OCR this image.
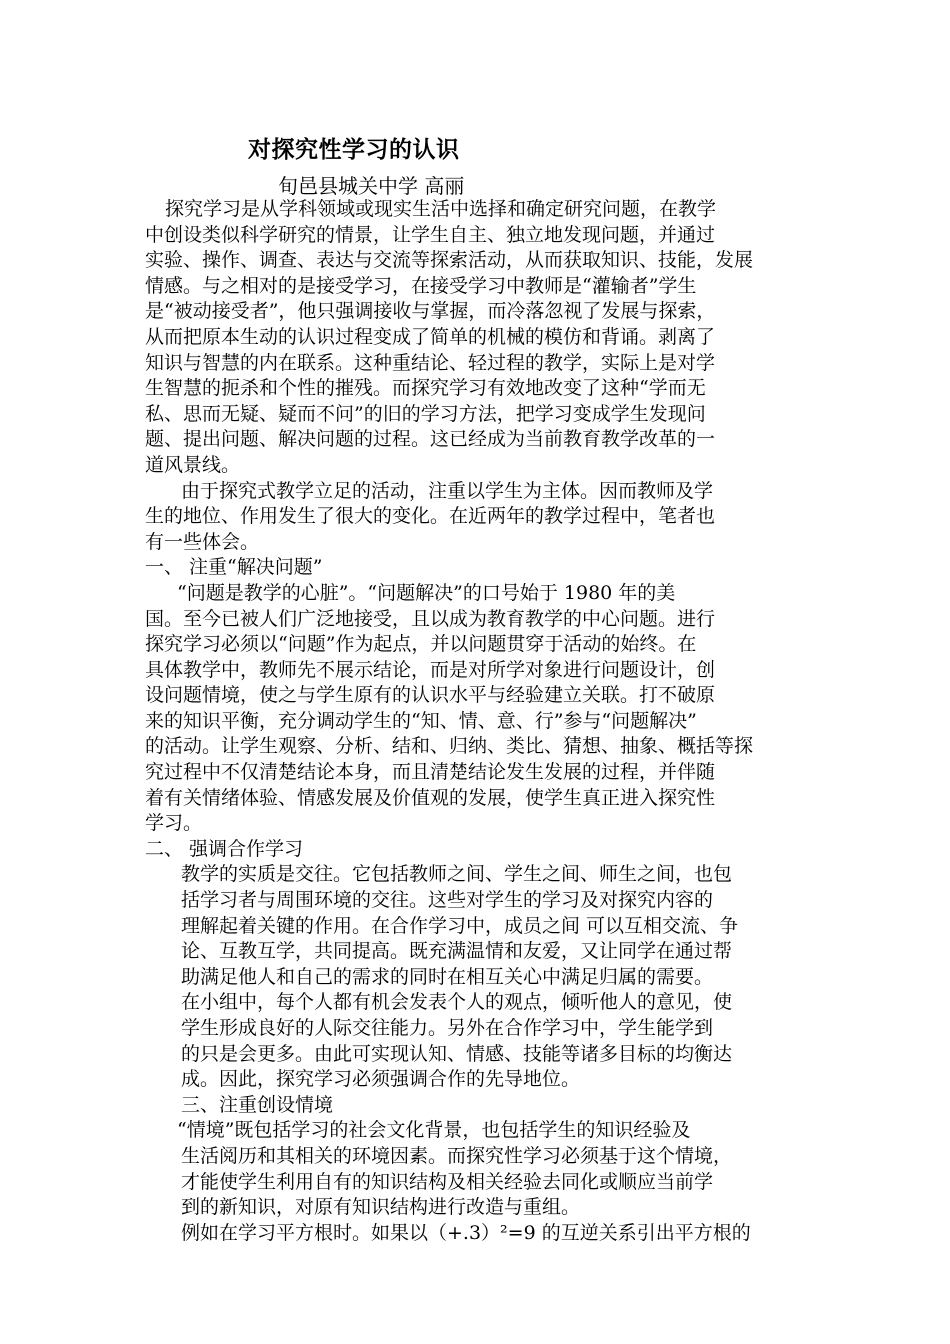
对探究性学习的认识
旬邑县城关中学 高丽
探究学习是从学科领域或现实生活中选择和确定研究问题，在教学
中创设类似科学研究的情景，让学生自主、独立地发现问题，并通过
实验、操作、调查、表达与交流等探索活动，从而获取知识、技能，发展
情感。与之相对的是接受学习，在接受学习中教师是“灌输者”学生
是“被动接受者”，他只强调接收与掌握，而冷落忽视了发展与探索，
从而把原本生动的认识过程变成了简单的机械的模仿和背诵。剥离了
知识与智慧的内在联系。这种重结论、轻过程的教学，实际上是对学
生智慧的扼杀和个性的摧残。而探究学习有效地改变了这种“学而无
私、思而无疑、疑而不问”的旧的学习方法，把学习变成学生发现问
题、提出问题、解决问题的过程。这已经成为当前教育教学改革的一
道风景线。
由于探究式教学立足的活动，注重以学生为主体。因而教师及学
生的地位、作用发生了很大的变化。在近两年的教学过程中，笔者也
有一些体会。
一、 注重“解决问题”
“问题是教学的心脏”。“问题解决”的口号始于 1980 年的美
国。至今已被人们广泛地接受，且以成为教育教学的中心问题。进行
探究学习必须以“问题”作为起点，并以问题贯穿于活动的始终。在
具体教学中，教师先不展示结论，而是对所学对象进行问题设计，创
设问题情境，使之与学生原有的认识水平与经验建立关联。打不破原
来的知识平衡，充分调动学生的“知、情、意、行”参与“问题解决”
的活动。让学生观察、分析、结和、归纳、类比、猜想、抽象、概括等探
究过程中不仅清楚结论本身，而且清楚结论发生发展的过程，并伴随
着有关情绪体验、情感发展及价值观的发展，使学生真正进入探究性
学习。
二、 强调合作学习
教学的实质是交往。它包括教师之间、学生之间、师生之间，也包
括学习者与周围环境的交往。这些对学生的学习及对探究内容的
理解起着关键的作用。在合作学习中，成员之间 可以互相交流、争
论、互教互学，共同提高。既充满温情和友爱，又让同学在通过帮
助满足他人和自己的需求的同时在相互关心中满足归属的需要。
在小组中，每个人都有机会发表个人的观点，倾听他人的意见，使
学生形成良好的人际交往能力。另外在合作学习中，学生能学到
的只是会更多。由此可实现认知、情感、技能等诸多目标的均衡达
成。因此，探究学习必须强调合作的先导地位。
三、注重创设情境
“情境”既包括学习的社会文化背景，也包括学生的知识经验及
生活阅历和其相关的环境因素。而探究性学习必须基于这个情境，
才能使学生利用自有的知识结构及相关经验去同化或顺应当前学
到的新知识，对原有知识结构进行改造与重组。
例如在学习平方根时。如果以（+.3）²=9 的互逆关系引出平方根的
